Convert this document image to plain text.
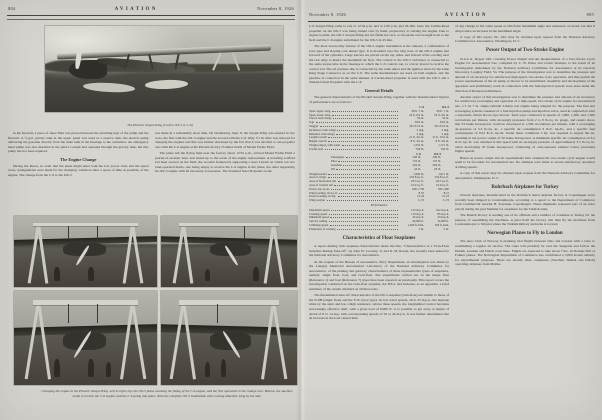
804	AVIATION	November 8, 1926
The Pitcairn Sesqui-Wing (Curtiss OX-5 or C-6)

in the firewall, a piece of sheet fiber was placed between the attaching lugs of the pump and the firewall. A ½-gal. gravity tank in the upper panel was used as a reserve tank, the electric pump delivering the gasoline directly from the main tank in the fuselage to the carburetor. An emergency hand pump was also installed in the pilot's cockpit and operated through the gravity tank, but this pump has not been required.

The Engine Change

During the Races, in order that the plane might enter both the low power class and the speed races, arrangements were made for the changing, within as short a space of time as possible, of the engine. The change from the C-6 to the OX-5

was made in a remarkably short time. On Wednesday, Sept. 8, the Sesqui-Wing was entered in two races, the first with the OX-5 engine and the second with the C-6. Only 1½ hr. time was allowed for changing the engines and this was further shortened by the fact that it was decided to run propeller tests with the C-6 engine at the Pitcairn factory 25 miles North of Model Farms Field.

The plane left the flying field near the factory about 12:55 p.m., arrived Model Farms Field a quarter-of-an-hour later, and taxied up to the scene of the engine replacement. A traveling scaffold had been erected on the field, the wooden framework supporting a steel I-beam on which ran two hand-operated hoists, one being empty to receive the C-6 engine in the plane, the other supporting the OX-5 engine with all necessary accessories. The Standard Steel Propeller on the

Changing the engine in the Pitcairn Sesqui-Wing. Left to right, top, the OX-5 plane awaiting the fitting of the C-6 engine, and the first operation in the change over. Bottom, the machine ready to receive the C-6 engine, and the C-6 going into place. Note the complete OX-5 installation with cowling attached, lying by the side.
November 8, 1926	AVIATION	805

C-6 Sesqui-Wing came to rest at 12:34 p.m. and at 1:00 p.m. just 26 min. later, the Curtiss-Reed propeller on the OX-5 was being turned over by hand, preparatory to starting the engine. Due to engine trouble, the OX-5 Sesqui-Wing did not finish the race, so the plane was brought back to the field and the C-6 engine substituted for the OX-5 in 45 min.

The most noteworthy feature of the OX-5 engine installation is the radiator, a combination of nose type and sloping core tunnel type. It is mounted over the long nose of the OX-5 engine just forward of the cylinders. Large louvers are placed on the top, sides, and bottom of the cowling near the rear edge to insure the maximum air flow. The control to the OX-5 carburetor is connected to the same torque tube in the fuselage to which the C-6 controls ran, to a lever placed to receive the control rod. The oil pressure line is connected by the same union and the ignition wires by the same King Stage Connector as on the C-6. The same thermometers are used on both engines, and the gasoline is connected in the same manner. A Curtiss-Reed propeller is used with the OX-5 and a Standard Steel Propeller with the C-6.

General Details

The general characteristics of the Pitcairn Sesqui-Wing, together with the manufacturer's figures of performance are as follows:

C-6	OX-5
Span, upper wing	28 ft. 7 in.	28 ft. 7 in.
Span, lower wing	24 ft. 6¾ in.	24 ft. 6¾ in.
Chord, both wings	54 in.	54 in.
Gap	59¾ in.	59¾ in.
Stagger	28 13/16 in.	28 13/16 in.
Incidence, both wings	3 deg.	3 deg.
Dihedral, both wings	5 deg.	5 deg.
Length overall	21 ft. 4¾ in.	21 ft. 10¾ in.
Height overall	8 ft. 4¾ in.	8 ft. 4¾ in.
Weight empty, with water	1,232 lb.	1,171 lb.
Useful load	758 lb.	740 lb.
C-6	OX-5
Passengers	340 lb.	340 lb.
Pilot	170 lb.	170 lb.
Gasoline	204 lb.	204 lb.
Oil	44 lb.	26 lb.
Weight loaded	1,990 lb.	1,911 lb.
Area of wings	232.8 sq. ft.	232.8 sq. ft.
Area of horizontal tail	26.5 sq. ft.	26.5 sq. ft.
Area of vertical tail	10.9 sq. ft.	10.9 sq. ft.
Power, hp./r.p.m.	160/1,750	90/1,400
Wing loading, lb./sq. ft.	8.55	8.21
Power loading, lb./hp.	12.43	21.23
Wing section	C-72	C-72
Performance
Maximum speed	135 m.p.h.	102 m.p.h.
Cruising speed	110 m.p.h.	85 m.p.h.
Minimum speed	45 m.p.h.	43 m.p.h.
Service ceiling	20,000 ft.	12,000 ft.
Climbing speed	1,200 ft./min.	500 ft./min.
Endurance at cruising	5 hr.	5 hr.
Characteristics of Float Seaplanes

A report dealing with seaplane characteristics under the title, "Characteristics of a Twin-Float Seaplane During Take-off", by John W. Crowley, Jr. and K. M. Ronan, has recently been issued by the National Advisory Committee for Aeronautics.

At the request of the Bureau of Aeronautics, Navy Department, an investigation was made by the Langley Memorial Aeronautical Laboratory of the National Advisory Committee for Aeronautics, of the planing and getaway characteristics of three representative types of seaplanes, namely: single float, boat, and twin-float. The experiments carried out on the single float (Reference 1) and boat (Reference 7) types have been reported on previously. This report covers the investigation conducted on the twin-float seaplane, the DT-2, and includes, as an appendix, a brief summary of the results obtained on all three tests.

The fundamental take-off characteristics of the DT-2 seaplane (twin-float) are similar to those of the N-9H (single float) and the F-5L (boat type). At low water speeds, 20 to 25 m.p.h., the airplane trims by the stern and has a high resistance. Above these speeds, the longitudinal control becomes increasingly effective until, with a gross load of 6,000 lb. it is possible to get away at angles of attack of 8 to 14 deg. with corresponding speeds of 56 or 46 m.p.h. It was further determined that an increase in the load caused little

of any change in the water speed at which the maximum angle and resistance occurred, but that it did produce an increase in the maximum angle.

A copy of this report, No. 242, may be obtained upon request from the National Advisory Committee for Aeronautics, Washington, D. C.

Power Output of Two-Stroke Engine

N.A.C.A. Report 220, covering Power Output and Air Requirements of a Two-Stroke Cycle Engine for Aeronautical Use, compiled by C. B. Paton and Cedric Kemper, is the result of an investigation undertaken by the National Advisory Committee for Aeronautics at its research laboratory, Langley Field, Va. The purpose of the investigation was to determine the pressure and amount of air necessary for satisfactory high-speed, two-stroke cycle operation, and thus permit the power requirements of the air pump or blower to be determined. Assembly and development of the apparatus and preliminary work in connection with the fuel-injection system were done under the direction of Robertson Matthews.

Another object of this investigation was to determine the pressure and amount of air necessary for satisfactory scavenging and operation of a high-speed, two-stroke cycle engine for aeronautical use, a 5 by 7 in. single-cylinder Liberty test engine being adapted for the purpose. The fuel and scavenging system consisted of a fuel-injection pump and injection valve, used in conjunction with a separately driven Roots type blower. Tests were conducted at speeds of 1,000, 1,200, and 1,500 revolutions per minute, with air-supply pressures from 2 to 8 lb./sq. in. gauge, and results show, that 53 brake horsepower could be developed at 1,500 revolutions per minute, with a scavenging air-pressure of 5.5 lb./sq. in., a specific air consumption 9 lb./b. hp./hr., and a specific fuel consumption of 0.61 lb./b. hp./hr. Under these conditions 3 hp. was required to supply the air, resulting in net power output of 50 brake horsepower. A minimum specific air consumption of 8.2 lb./b. hp. hr. was obtained at this speed with an air-supply pressure of approximately 3.5 lb./sq. in. when developing 45 brake horsepower. Chattering of cam-operated exhaust valves prevented higher speeds.

Based on power output and air requirements here obtained the two-stroke cycle engine would seem to be favorable for aeronautical use. No attempts were made to secure satisfactory operation at idling speeds.

A copy of this report may be obtained upon request from the National Advisory Committee for Aeronautics, Washington, D. C.

Rohrbach Airplanes for Turkey

Several airplanes, manufactured in the Rohrbach metal airplane factory at Copenhagen, have recently been shipped to Constantinople, according to a report to the Department of Commerce from Commercial Attaché H. Sorensen, Copenhagen. These shipments represent part of an order placed during the past Summer for seaplanes for the Turkish army.

The Danish factory is sending one of its officials and a number of workmen to Turkey for the purpose of assembling the machines. A pilot from the factory will then fly the machines from Constantinople to Smyrna where the Turkish military airdrome is located.

Norwegian Planes to Fly to London

The Aero Club of Norway is planning trial flights between Oslo and London with a view to establishing a regular air service. The route will probably be over the Skagerak and follow the Danish, German and Dutch coast lines. Flights are expected to take about 7 hrs. in Dornier-Wal or Fokker planes. The Norwegian Department of Commerce has contributed a 5,000 kroner subsidy for experimental purposes. There are already three companies (Swedish, Danish and Dutch) operating airplanes from Malmo.
